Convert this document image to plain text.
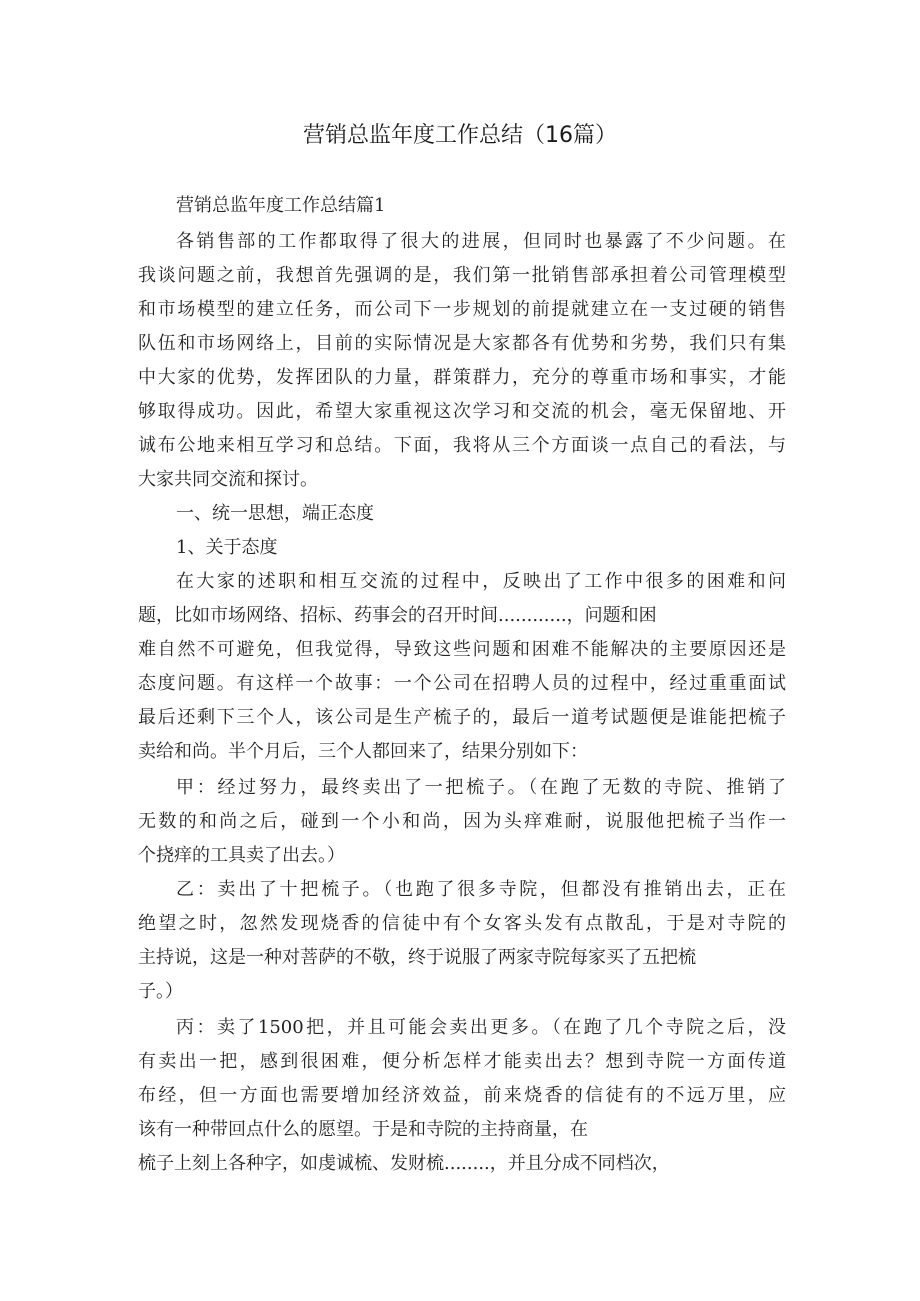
营销总监年度工作总结（16篇）

营销总监年度工作总结篇1

各销售部的工作都取得了很大的进展，但同时也暴露了不少问题。在

我谈问题之前，我想首先强调的是，我们第一批销售部承担着公司管理模型

和市场模型的建立任务，而公司下一步规划的前提就建立在一支过硬的销售

队伍和市场网络上，目前的实际情况是大家都各有优势和劣势，我们只有集

中大家的优势，发挥团队的力量，群策群力，充分的尊重市场和事实，才能

够取得成功。因此，希望大家重视这次学习和交流的机会，毫无保留地、开

诚布公地来相互学习和总结。下面，我将从三个方面谈一点自己的看法，与

大家共同交流和探讨。

一、统一思想，端正态度

1、关于态度

在大家的述职和相互交流的过程中，反映出了工作中很多的困难和问

题，比如市场网络、招标、药事会的召开时间............，问题和困

难自然不可避免，但我觉得，导致这些问题和困难不能解决的主要原因还是

态度问题。有这样一个故事：一个公司在招聘人员的过程中，经过重重面试

最后还剩下三个人，该公司是生产梳子的，最后一道考试题便是谁能把梳子

卖给和尚。半个月后，三个人都回来了，结果分别如下：

甲：经过努力，最终卖出了一把梳子。（在跑了无数的寺院、推销了

无数的和尚之后，碰到一个小和尚，因为头痒难耐，说服他把梳子当作一

个挠痒的工具卖了出去。）

乙：卖出了十把梳子。（也跑了很多寺院，但都没有推销出去，正在

绝望之时，忽然发现烧香的信徒中有个女客头发有点散乱，于是对寺院的

主持说，这是一种对菩萨的不敬，终于说服了两家寺院每家买了五把梳

子。）

丙：卖了1500把，并且可能会卖出更多。（在跑了几个寺院之后，没

有卖出一把，感到很困难，便分析怎样才能卖出去？想到寺院一方面传道

布经，但一方面也需要增加经济效益，前来烧香的信徒有的不远万里，应

该有一种带回点什么的愿望。于是和寺院的主持商量，在

梳子上刻上各种字，如虔诚梳、发财梳........，并且分成不同档次，
